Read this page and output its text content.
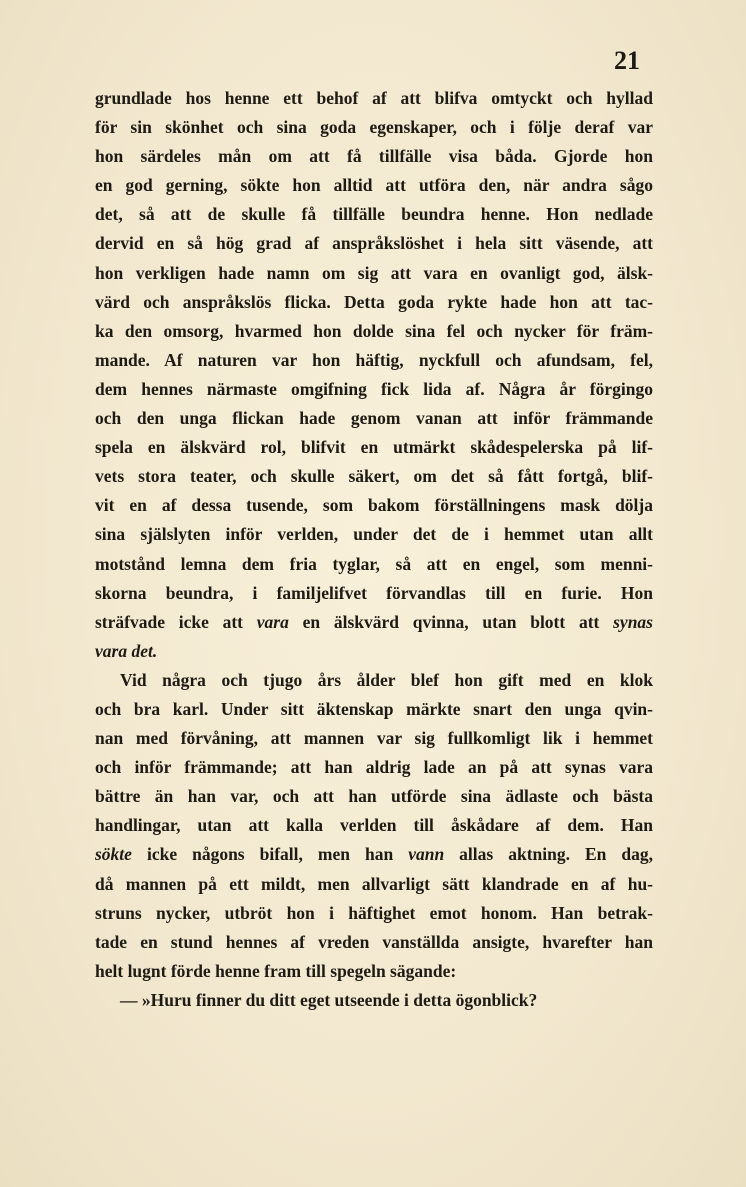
21
grundlade hos henne ett behof af att blifva omtyckt och hyllad
för sin skönhet och sina goda egenskaper, och i följe deraf var
hon särdeles mån om att få tillfälle visa båda. Gjorde hon
en god gerning, sökte hon alltid att utföra den, när andra sågo
det, så att de skulle få tillfälle beundra henne. Hon nedlade
dervid en så hög grad af anspråkslöshet i hela sitt väsende, att
hon verkligen hade namn om sig att vara en ovanligt god, älsk-
värd och anspråkslös flicka. Detta goda rykte hade hon att tac-
ka den omsorg, hvarmed hon dolde sina fel och nycker för främ-
mande. Af naturen var hon häftig, nyckfull och afundsam, fel,
dem hennes närmaste omgifning fick lida af. Några år förgingo
och den unga flickan hade genom vanan att inför främmande
spela en älskvärd rol, blifvit en utmärkt skådespelerska på lif-
vets stora teater, och skulle säkert, om det så fått fortgå, blif-
vit en af dessa tusende, som bakom förställningens mask dölja
sina själslyten inför verlden, under det de i hemmet utan allt
motstånd lemna dem fria tyglar, så att en engel, som menni-
skorna beundra, i familjelifvet förvandlas till en furie. Hon
sträfvade icke att vara en älskvärd qvinna, utan blott att synas
vara det.
Vid några och tjugo års ålder blef hon gift med en klok
och bra karl. Under sitt äktenskap märkte snart den unga qvin-
nan med förvåning, att mannen var sig fullkomligt lik i hemmet
och inför främmande; att han aldrig lade an på att synas vara
bättre än han var, och att han utförde sina ädlaste och bästa
handlingar, utan att kalla verlden till åskådare af dem. Han
sökte icke någons bifall, men han vann allas aktning. En dag,
då mannen på ett mildt, men allvarligt sätt klandrade en af hu-
struns nycker, utbröt hon i häftighet emot honom. Han betrak-
tade en stund hennes af vreden vanställda ansigte, hvarefter han
helt lugnt förde henne fram till spegeln sägande:
— »Huru finner du ditt eget utseende i detta ögonblick?
